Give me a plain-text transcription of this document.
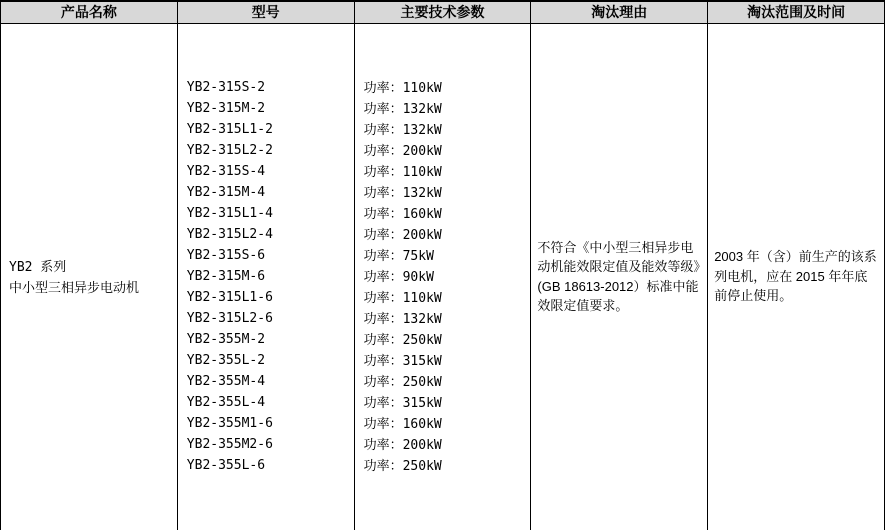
产品名称	型号	主要技术参数	淘汰理由	淘汰范围及时间

YB2 系列
中小型三相异步电动机

YB2-315S-2
YB2-315M-2
YB2-315L1-2
YB2-315L2-2
YB2-315S-4
YB2-315M-4
YB2-315L1-4
YB2-315L2-4
YB2-315S-6
YB2-315M-6
YB2-315L1-6
YB2-315L2-6
YB2-355M-2
YB2-355L-2
YB2-355M-4
YB2-355L-4
YB2-355M1-6
YB2-355M2-6
YB2-355L-6

功率：110kW
功率：132kW
功率：132kW
功率：200kW
功率：110kW
功率：132kW
功率：160kW
功率：200kW
功率：75kW
功率：90kW
功率：110kW
功率：132kW
功率：250kW
功率：315kW
功率：250kW
功率：315kW
功率：160kW
功率：200kW
功率：250kW

不符合《中小型三相异步电动机能效限定值及能效等级》(GB 18613-2012）标准中能效限定值要求。

2003 年（含）前生产的该系列电机，应在 2015 年年底前停止使用。
